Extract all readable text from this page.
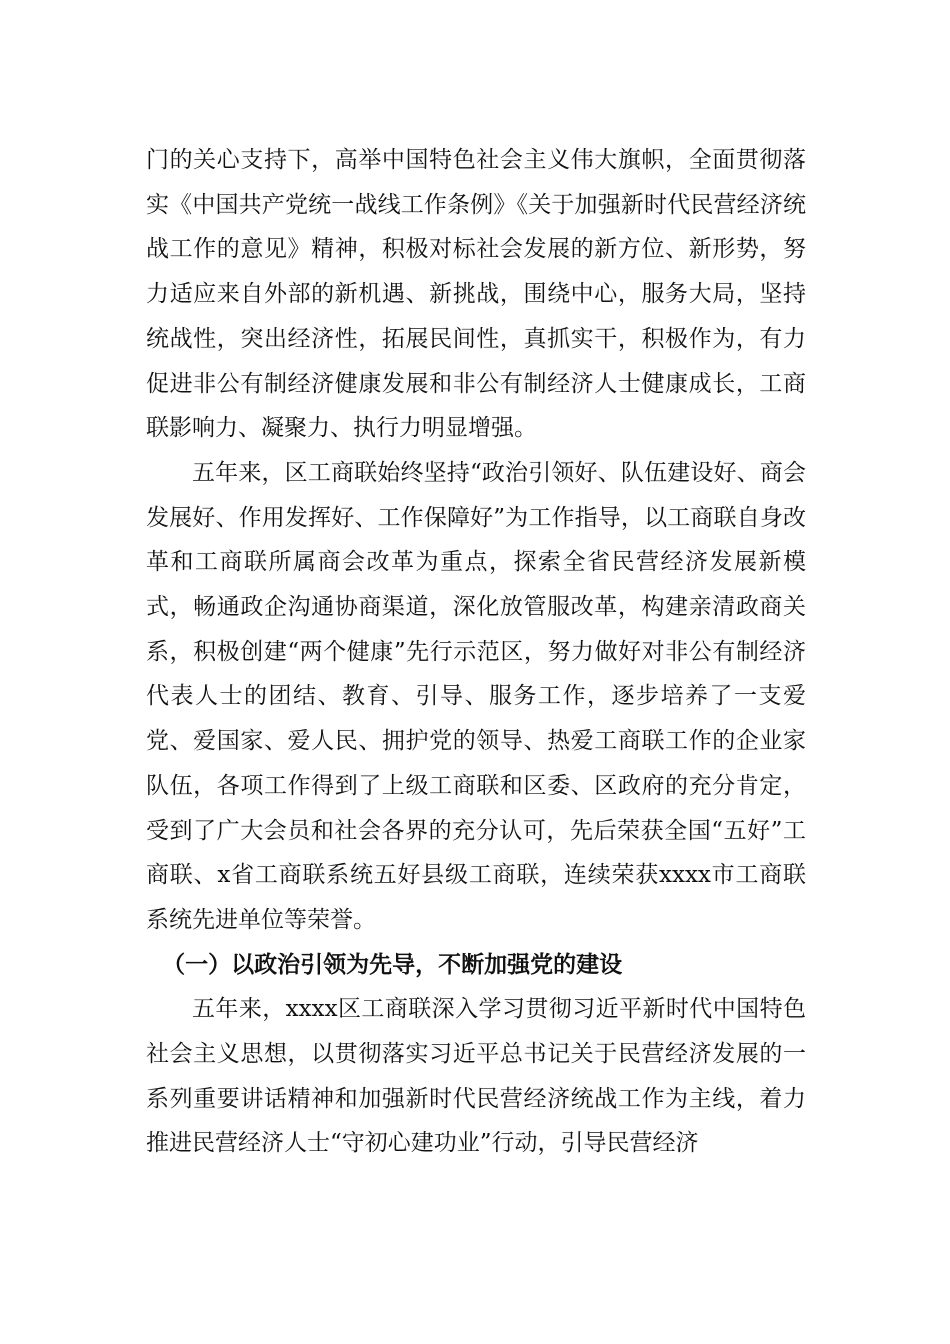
门的关心支持下，高举中国特色社会主义伟大旗帜，全面贯彻落实《中国共产党统一战线工作条例》《关于加强新时代民营经济统战工作的意见》精神，积极对标社会发展的新方位、新形势，努力适应来自外部的新机遇、新挑战，围绕中心，服务大局，坚持统战性，突出经济性，拓展民间性，真抓实干，积极作为，有力促进非公有制经济健康发展和非公有制经济人士健康成长，工商联影响力、凝聚力、执行力明显增强。

五年来，区工商联始终坚持“政治引领好、队伍建设好、商会发展好、作用发挥好、工作保障好”为工作指导，以工商联自身改革和工商联所属商会改革为重点，探索全省民营经济发展新模式，畅通政企沟通协商渠道，深化放管服改革，构建亲清政商关系，积极创建“两个健康”先行示范区，努力做好对非公有制经济代表人士的团结、教育、引导、服务工作，逐步培养了一支爱党、爱国家、爱人民、拥护党的领导、热爱工商联工作的企业家队伍，各项工作得到了上级工商联和区委、区政府的充分肯定，受到了广大会员和社会各界的充分认可，先后荣获全国“五好”工商联、x省工商联系统五好县级工商联，连续荣获xxxx市工商联系统先进单位等荣誉。

（一）以政治引领为先导，不断加强党的建设

五年来，xxxx区工商联深入学习贯彻习近平新时代中国特色社会主义思想，以贯彻落实习近平总书记关于民营经济发展的一系列重要讲话精神和加强新时代民营经济统战工作为主线，着力推进民营经济人士“守初心建功业”行动，引导民营经济
